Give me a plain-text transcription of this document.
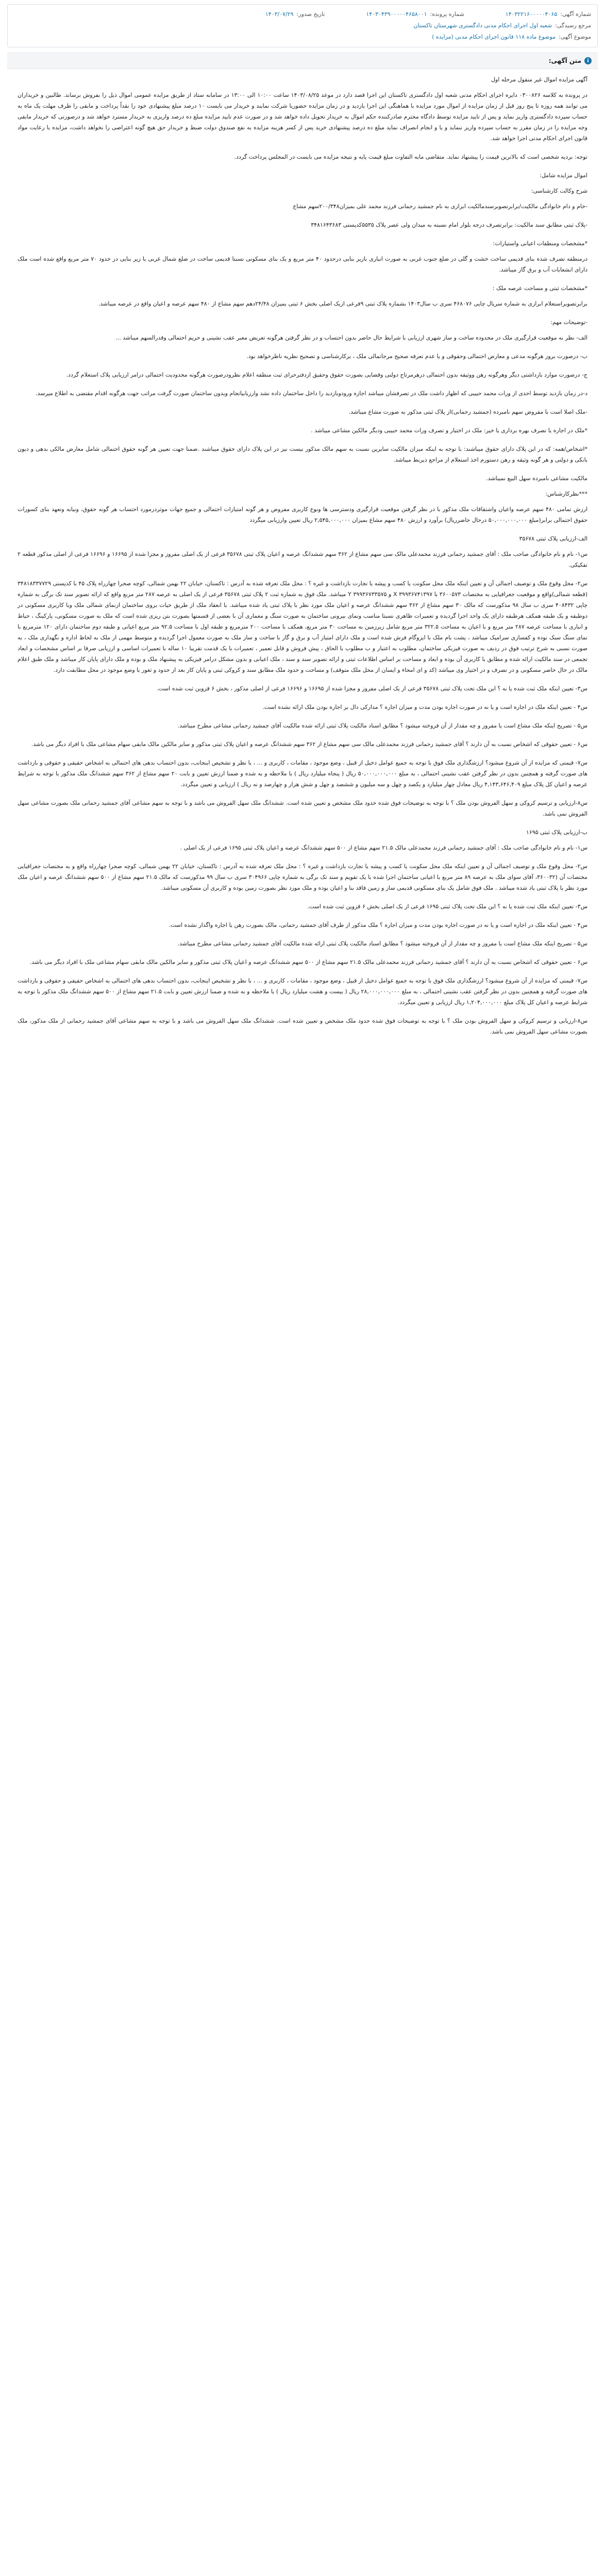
شماره آگهی:۱۴۰۳۲۲۱۶۰۰۰۰۰۴۰۶۵
شماره پرونده:۱۴۰۳۰۴۳۹۰۰۰۰۰۴۶۵۸۰۰۱
تاریخ صدور:۱۴۰۳/۰۷/۲۹
مرجع رسیدگی:شعبه اول اجرای احکام مدنی دادگستری شهرستان تاکستان
موضوع آگهی:موضوع ماده ۱۱۸ قانون اجرای احکام مدنی (مزایده )
i
متن آگهی:

آگهی مزایده اموال غیر منقول مرحله اول

در پرونده به کلاسه ۰۳۰۰۸۲۶ دایره اجرای احکام مدنی شعبه اول دادگستری تاکستان این اجرا قصد دارد در موعد ۱۴۰۳/۰۸/۲۵ ساعت ۱۰:۰۰ الی ۱۳:۰۰ در سامانه ستاد از طریق مزایده عمومی اموال ذیل را بفروش برساند. طالبین و خریداران می توانند همه روزه تا پنج روز قبل از زمان مزایده از اموال مورد مزایده با هماهنگی این اجرا بازدید و در زمان مزایده حضوریا شرکت نمایند و خریدار می بایست ۱۰ درصد مبلغ پیشنهادی خود را نقداً پرداخت و مابقی را ظرف مهلت یک ماه به حساب سپرده دادگستری واریز نماید و پس از تایید مزایده توسط دادگاه محترم صادرکننده حکم اموال به خریدار تحویل داده خواهد شد و در صورت عدم تایید مزایده مبلغ ده درصد واریزی به خریدار مسترد خواهد شد و درصورتی که خریدار مابقی وجه مزایده را در زمان مقرر به حساب سپرده واریز ننماید و یا و انجام انصراف نماید مبلغ ده درصد پیشنهادی خرید پس از کسر هزینه مزایده به نفع صندوق دولت ضبط و خریدار حق هیچ گونه اعتراضی را نخواهد داشت، مزایده با رعایت مواد قانون اجرای احکام مدنی اجرا خواهد شد.

توجه: بردیه شخصی است که بالاترین قیمت را پیشنهاد نماید. متقاضی مابه التفاوت مبلغ قیمت پایه و نتیجه مزایده می بایست در المجلس پرداخت گردد.

اموال مزایده شامل:

شرح وکالت کارشناسی:

-خام و دام خانوادگی مالکیت/برابرتصوبرسندمالکیت ابرازی به نام جمشید رحمانی فرزند محمد علی بمیزان۲۰۰/۳۴۸سهم مشاع

-پلاک ثبتی مطابق سند مالکیت: برابرتصرف درجه بلوار امام نسبته به میدان ولی عصر پلاک ۵۵۳۵کدپستی ۳۴۸۱۶۴۳۶۸۳

*مشخصات ومنطقات اعیانی واستیارات:

درمنطقه تصرف شده بنای قدیمی ساخت خشت و گلی در ضلع جنوب غربی به صورت انباری بازیر بنایی درحدود ۴۰ متر مربع و یک بنای مسکونی نسبتا قدیمی ساخت در ضلع شمال غربی با زیر بنایی در حدود ۷۰ متر مربع واقع شده است ملک دارای انشعابات آب و برق گاز میباشد.

*مشخصات ثبتی و مساحت عرصه ملک :

برابرتصوبراستعلام ابرازی به شماره سریال چاپی ۴۶۸۰۷۶ سری ب سال۱۴۰۳ بشماره پلاک ثبتی ۹فرعی ازیک اصلی بخش ۶ ثبتی بمیزان ۲۴/۴۸دهم سهم مشاع از ۴۸۰ سهم عرصه و اعیان واقع در عرصه میباشد.

-توضیحات مهم:

الف- نظر به موقعیت قرارگیری ملک در محدوده ساخت و ساز شهری ارزیابی با شرایط حال حاضر بدون احتساب و در نظر گرفتن هرگونه تعریض معبر عقب نشینی و حریم احتمالی وقدرالسهم میباشد ...

ب- درصورت بروز هرگونه مدعی و معارض احتمالی وحقوقی و یا عدم تعرفه صحیح مرجاتمالی ملک ، برکارشناسی و تصحیح نظریه ناظرخواهد بود.

ج- درصورت موارد بازداشتی دیگر وهرگونه رهن ووثیقه بدون احتمالی درهرمرتاج دولتی وقضایی بصورت حقوق وحقیق ازدفترحرای ثبت منطقه اعلام نظرودرصورت هرگونه محدودیت احتمالی درامر ارزیابی پلاک استعلام گردد.

د-در زمان بازدید توسط احدی از ورات محمد حبیبی که اظهار داشت ملک در تصرفشان میباشد اجازه ورودوبازدید را داخل ساختمان داده نشد وارزیابیاتجام وبدون ساختمان صورت گرفت مراتب جهت هرگونه اقدام مقتضی به اطلاع میرسد.

-ملک اصلا است با مفروض سهم نامبرده (جمشید رحمانی)از پلاک ثبتی مذکور به صورت مشاع میباشد.

*ملک در اجاره یا تصرف بهره برداری یا خیر: ملک در اختیار و تصرف ورات محمد حبیبی ودیگر مالکین مشاعی میباشد .

*اشخاص/همه: که در این پلاک دارای حقوق میباشند: با توجه به اینکه میزان مالکیت سایرین نسبت به سهم مالک مذکور نیست نیز در این پلاک دارای حقوق میباشند .ضمنا جهت تعیین هر گونه حقوق احتمالی شامل معارض مالکی بدهی و دیون بانکی و دولتی و هر گونه وثیقه و رهن دستورم اخذ استعلام از مراجع ذیربط میباشد.

مالکیت مشاعی نامبرده سهل البیع نمیباشد.

***نظرکارشناس:

ارزش تمامی ۴۸۰ سهم عرصه واعیان واشتقاقات ملک مذکور با در نظر گرفتن موقعیت قرارگیری ودسترسی ها ونوع کاربری مفروض و هر گونه امتیازات احتمالی و جمیع جهات موثردرمورد احتساب هر گونه حقوق، ونیابه وتعهد بنای کسورات حقوق احتمالی برابر(مبلغ ۵۰,۰۰۰,۰۰۰,۰۰۰ درحال حاضرریال) برآورد و ارزش ۴۸۰ سهم مشاع بمیزان ۲,۵۴۵,۰۰۰,۰۰۰ ریال تعیین وارزیابی میگردد

الف-ارزیابی پلاک ثبتی ۳۵۶۷۸

س۱- نام و نام خانوادگی صاحب ملک : آقای جمشید رحمانی فرزند محمدعلی مالک سی سهم مشاع از ۳۶۲ سهم ششدانگ عرصه و اعیان پلاک ثبتی ۳۵۶۷۸ فرعی از یک اصلی مفروز و مجزا شده از ۱۶۶۹۵ و ۱۶۶۹۶ فرعی از اصلی مذکور قطعه ۲ تفکیکی.

س۲- محل وقوع ملک و توصیف اجمالی آن و تعیین اینکه ملک محل سکونت یا کسب و پیشه یا تجارت بازداشت و غیره ؟ : محل ملک تعرفه شده به آدرس : تاکستان، خیابان ۲۲ بهمن شمالی، کوچه صحرا چهارراه پلاک ۴۵ با کدپستی ۳۴۸۱۸۳۳۷۷۲۹ (قطعه شمالی)واقع و موقعیت جغرافیایی به مختصات ۳۶۰۰۵۷۳ با ۳۹۹۳۶۷۴۱۳۹۷ X و ۳۹۹۳۶۷۳۳۵۷۵ Y میباشد. ملک فوق به شماره ثبت ۲ پلاک ثبتی ۳۵۶۷۸ فرعی از یک اصلی به عرصه ۲۸۷ متر مربع واقع که ارائه تصویر سند تک برگی به شماره چاپی ۴۰۸۴۳۲ سری ب سال ۹۸ مذکورست که مالک ۳۰ سهم مشاع از ۳۶۲ سهم ششدانگ عرصه و اعیان ملک مورد نظر با پلاک ثبتی یاد شده میباشد. با انعقاد ملک از طریق حیات بروی ساختمان ازنمای شمالی ملک وبا کاربری مسکونی در دوطبقه و یک طبقه همکف هرطبقه دارای یک واحد اجرا گردیده و تعمیرات ظاهری نسبتا مناسب ونمای بیرونی ساختمان به صورت سنگ و معماری آن با بعضی از قسمتها بصورت بتن ریزی شده است که ملک به صورت مسکونی، پارکینگ ، حیاط و انباری با مساحت عرصه ۲۸۷ متر مربع و با اعیان به مساحت ۳۲۲.۵ متر مربع شامل زیرزمین به مساحت ۳۰ متر مربع، همکف با مساحت ۲۰۰ مترمربع و طبقه اول با مساحت ۹۲.۵ متر مربع اعیانی و طبقه دوم ساختمان دارای ۱۲۰ مترمربع با نمای سنگ سبک نوده و کفسازی سرامیک میباشد ، پشت بام ملک با ایزوگام فرش شده است و ملک دارای امتیاز آب و برق و گاز با ساخت و ساز ملک به صورت معمول اجرا گردیده و متوسط مهمی از ملک به لحاظ اداره و نگهداری ملک ، به صورت نسبی به شرح ترتیب فوق در ردیف به صورت فیزیکی ساختمان، مطلوب به اعتبار و ب مطلوب با الحاق ، پیش فروش و قابل تعمیر ، تعمیرات با یک قدمت تقریبا ۱۰ ساله با تعمیرات اساسی و ارزیابی صرفا بر اساس مشخصات و ابعاد تجمعی در سند مالکیت ارائه شده و مطابق با کاربری آن بوده و ابعاد و مساحت بر اساس اطلاعات ثبتی و ارائه تصویر سند و سند ، ملک اعیانی و بدون مشکل درامر فیزیکی به پیشنهاد ملک و بوده و ملک دارای پایان کار میباشد و ملک طبق اعلام مالک در حال حاضر مسکونی و در تصرف و در اختیار وی میباشد (کد و ای امحاء و ایسان از محل ملک متوقف) و مساحت و حدود ملک مطابق سند و کروکی ثبتی و پایان کار بعد از حدود و ثغور با وضع موجود در محل مطابقت دارد.

س۳- تعیین اینکه ملک ثبت شده یا نه ؟ این ملک تحت پلاک ثبتی ۳۵۶۷۸ فرعی از یک اصلی مفروز و مجزا شده از ۱۶۶۹۵ و ۱۶۶۹۶ فرعی از اصلی مذکور ، بخش ۶ قزوین ثبت شده است.

س۴ - تعیین اینکه ملک در اجاره است و یا نه در صورت اجاره بودن مدت و میزان اجاره ؟ مدارکی دال بر اجاره بودن ملک ارائه نشده است.

س۵ - تصریح اینکه ملک مشاع است یا مفروز و چه مقدار از آن فروخته میشود ؟ مطابق اسناد مالکیت پلاک ثبتی ارائه شده مالکیت آقای جمشید رحمانی مشاعی مطرح میباشد.

س۶ - تعیین حقوقی که اشخاص نسبت به آن دارند ؟ آقای جمشید رحمانی فرزند محمدعلی مالک سی سهم مشاع از ۳۶۲ سهم ششدانگ عرصه و اعیان پلاک ثبتی مذکور و سایر مالکین مالک مابقی سهام مشاعی ملک با افراد دیگر می باشد.

س۷- قیمتی که مزایده از آن شروع میشود؟ ارزشگذاری ملک فوق با توجه به جمیع عوامل دخیل از قبیل ، وضع موجود ، مقامات ، کاربری و ... ، با نظر و تشخیص اینجانب، بدون احتساب بدهی های احتمالی به اشخاص حقیقی و حقوقی و بازداشت های صورت گرفته و همچنین بدون در نظر گرفتن عقب نشینی احتمالی ، به مبلغ ۵۰,۰۰۰,۰۰۰,۰۰۰ ریال ( پنجاه میلیارد ریال ) با ملاحظه و به شده و ضمنا ارزش تعیین و بابت ۲۰ سهم مشاع از ۳۶۲ سهم ششدانگ ملک مذکور با توجه به شرایط عرصه و اعیان کل پلاک مبلغ ۴,۱۴۳,۶۴۶,۴۰۹ ریال معادل چهار میلیارد و یکصد و چهل و سه میلیون و ششصد و چهل و شش هزار و چهارصد و نه ریال ) ارزیابی و تعیین میگردد.

س۸-ارزیابی و ترسیم کروکی و سهل الفروش بودن ملک ؟ با توجه به توضیحات فوق شده حدود ملک مشخص و تعیین شده است. ششدانگ ملک سهل الفروش می باشد و با توجه به سهم مشاعی آقای جمشید رحمانی ملک بصورت مشاعی سهل الفروش نمی باشد.

ب-ارزیابی پلاک ثبتی ۱۶۹۵

س۱- نام و نام خانوادگی صاحب ملک : آقای جمشید رحمانی فرزند محمدعلی مالک ۲۱.۵ سهم مشاع از ۵۰۰ سهم ششدانگ عرصه و اعیان پلاک ثبتی ۱۶۹۵ فرعی از یک اصلی .

س۲- محل وقوع ملک و توصیف اجمالی آن و تعیین اینکه ملک محل سکونت یا کسب و پیشه یا تجارت بازداشت و غیره ؟ : محل ملک تعرفه شده به آدرس : تاکستان، خیابان ۲۲ بهمن شمالی، کوچه صحرا چهارراه واقع و به مختصات جغرافیایی مختصات آن (۳۶۰۰۳۲، آقای سوای ملک به عرصه ۸۹ متر مربع با اعیانی ساختمان اجرا شده با یک تقویم و سند تک برگی به شماره چاپی ۳۰۴۹۶۶ سری ب سال ۹۹ مذکورست که مالک ۲۱.۵ سهم مشاع از ۵۰۰ سهم ششدانگ عرصه و اعیان ملک مورد نظر با پلاک ثبتی یاد شده میباشد . ملک فوق شامل یک بنای مسکونی قدیمی ساز و زمین فاقد بنا و اعیان بوده و ملک مورد نظر بصورت زمین بوده و کاربری آن مسکونی میباشد.

س۳- تعیین اینکه ملک ثبت شده یا نه ؟ این ملک تحت پلاک ثبتی ۱۶۹۵ فرعی از یک اصلی بخش ۶ قزوین ثبت شده است.

س۴ - تعیین اینکه ملک در اجاره است و یا نه در صورت اجاره بودن مدت و میزان اجاره ؟ ملک مذکور از طرف آقای جمشید رحمانی، مالک بصورت رهن یا اجاره واگذار نشده است.

س۵ - تصریح اینکه ملک مشاع است یا مفروز و چه مقدار از آن فروخته میشود ؟ مطابق اسناد مالکیت پلاک ثبتی ارائه شده مالکیت آقای جمشید رحمانی مشاعی مطرح میباشد.

س۶ - تعیین حقوقی که اشخاص نسبت به آن دارند ؟ آقای جمشید رحمانی فرزند محمدعلی مالک ۲۱.۵ سهم مشاع از ۵۰۰ سهم ششدانگ عرصه و اعیان پلاک ثبتی مذکور و سایر مالکین مالک مابقی سهام مشاعی ملک با افراد دیگر می باشد.

س۷- قیمتی که مزایده از آن شروع میشود؟ ارزشگذاری ملک فوق با توجه به جمیع عوامل دخیل از قبیل ، وضع موجود ، مقامات ، کاربری و ... ، با نظر و تشخیص اینجانب، بدون احتساب بدهی های احتمالی به اشخاص حقیقی و حقوقی و بازداشت های صورت گرفته و همچنین بدون در نظر گرفتن عقب نشینی احتمالی ، به مبلغ ۲۸,۰۰۰,۰۰۰,۰۰۰ ریال ( بیست و هشت میلیارد ریال ) با ملاحظه و به شده و ضمنا ارزش تعیین و بابت ۲۱.۵ سهم مشاع از ۵۰۰ سهم ششدانگ ملک مذکور با توجه به شرایط عرصه و اعیان کل پلاک مبلغ ۱,۲۰۴,۰۰۰,۰۰۰ ریال ارزیابی و تعیین میگردد.

س۸-ارزیابی و ترسیم کروکی و سهل الفروش بودن ملک ؟ با توجه به توضیحات فوق شده حدود ملک مشخص و تعیین شده است. ششدانگ ملک سهل الفروش می باشد و با توجه به سهم مشاعی آقای جمشید رحمانی از ملک مذکور، ملک بصورت مشاعی سهل الفروش نمی باشد.
